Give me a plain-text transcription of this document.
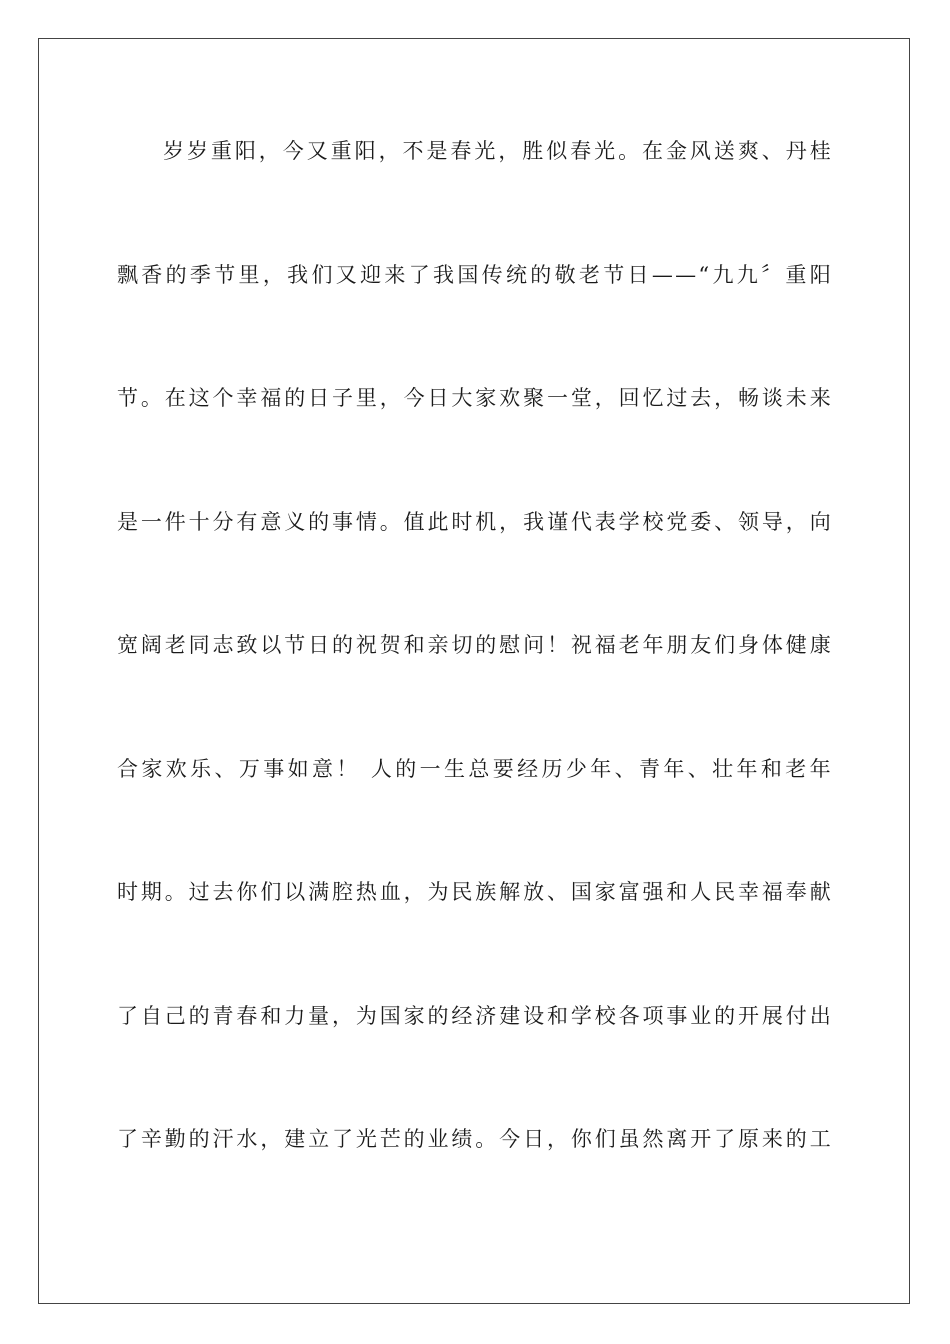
岁岁重阳，今又重阳，不是春光，胜似春光。在金风送爽、丹桂
飘香的季节里，我们又迎来了我国传统的敬老节日——“九九〞重阳
节。在这个幸福的日子里，今日大家欢聚一堂，回忆过去，畅谈未来
是一件十分有意义的事情。值此时机，我谨代表学校党委、领导，向
宽阔老同志致以节日的祝贺和亲切的慰问！祝福老年朋友们身体健康
合家欢乐、万事如意！ 人的一生总要经历少年、青年、壮年和老年
时期。过去你们以满腔热血，为民族解放、国家富强和人民幸福奉献
了自己的青春和力量，为国家的经济建设和学校各项事业的开展付出
了辛勤的汗水，建立了光芒的业绩。今日，你们虽然离开了原来的工
